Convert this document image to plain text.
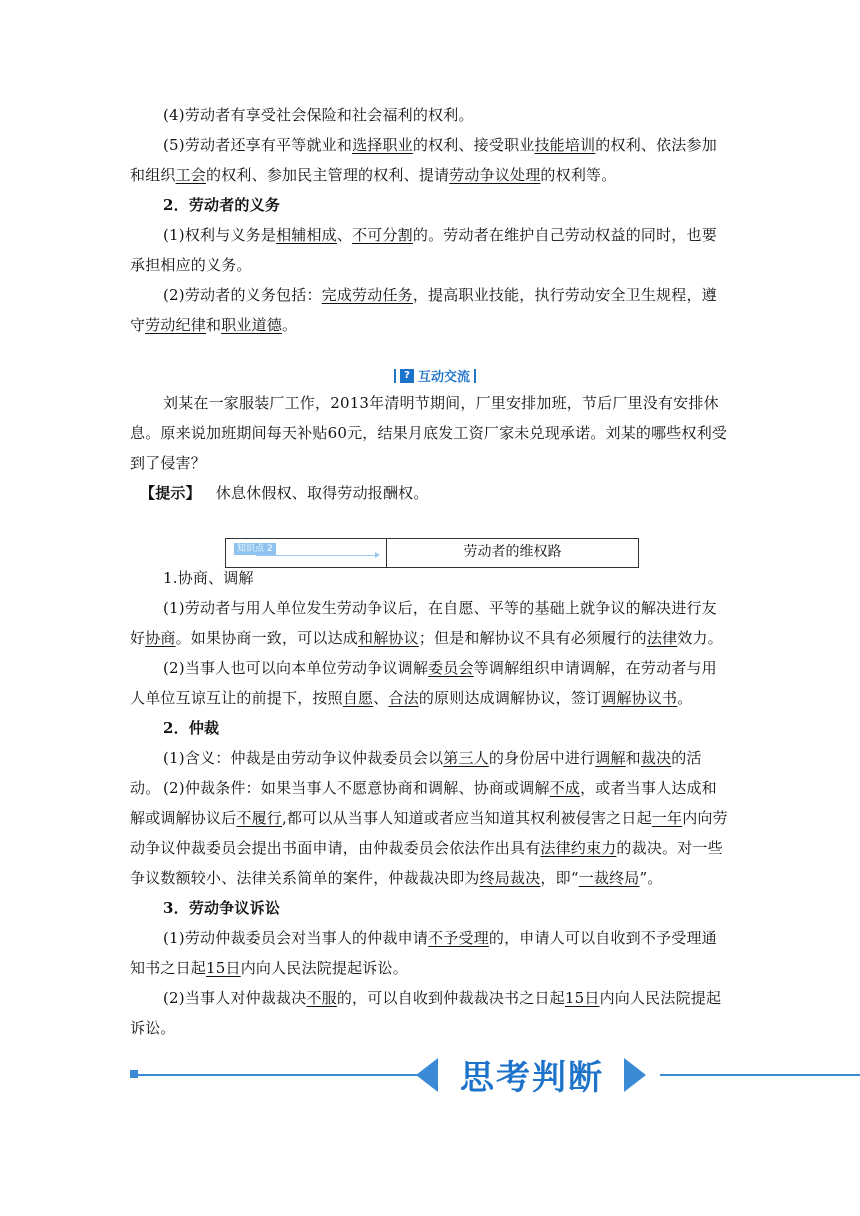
(4)劳动者有享受社会保险和社会福利的权利。
(5)劳动者还享有平等就业和选择职业的权利、接受职业技能培训的权利、依法参加和组织工会的权利、参加民主管理的权利、提请劳动争议处理的权利等。
2．劳动者的义务
(1)权利与义务是相辅相成、不可分割的。劳动者在维护自己劳动权益的同时，也要承担相应的义务。
(2)劳动者的义务包括：完成劳动任务，提高职业技能，执行劳动安全卫生规程，遵守劳动纪律和职业道德。
? 互动交流
刘某在一家服装厂工作，2013年清明节期间，厂里安排加班，节后厂里没有安排休息。原来说加班期间每天补贴60元，结果月底发工资厂家未兑现承诺。刘某的哪些权利受到了侵害？
【提示】 休息休假权、取得劳动报酬权。
知识点 2	劳动者的维权路
1.协商、调解
(1)劳动者与用人单位发生劳动争议后，在自愿、平等的基础上就争议的解决进行友好协商。如果协商一致，可以达成和解协议；但是和解协议不具有必须履行的法律效力。
(2)当事人也可以向本单位劳动争议调解委员会等调解组织申请调解，在劳动者与用人单位互谅互让的前提下，按照自愿、合法的原则达成调解协议，签订调解协议书。
2．仲裁
(1)含义：仲裁是由劳动争议仲裁委员会以第三人的身份居中进行调解和裁决的活动。 (2)仲裁条件：如果当事人不愿意协商和调解、协商或调解不成，或者当事人达成和解或调解协议后不履行,都可以从当事人知道或者应当知道其权利被侵害之日起一年内向劳动争议仲裁委员会提出书面申请，由仲裁委员会依法作出具有法律约束力的裁决。对一些争议数额较小、法律关系简单的案件，仲裁裁决即为终局裁决，即“一裁终局”。
3．劳动争议诉讼
(1)劳动仲裁委员会对当事人的仲裁申请不予受理的，申请人可以自收到不予受理通知书之日起15日内向人民法院提起诉讼。
(2)当事人对仲裁裁决不服的，可以自收到仲裁裁决书之日起15日内向人民法院提起诉讼。
思考判断
